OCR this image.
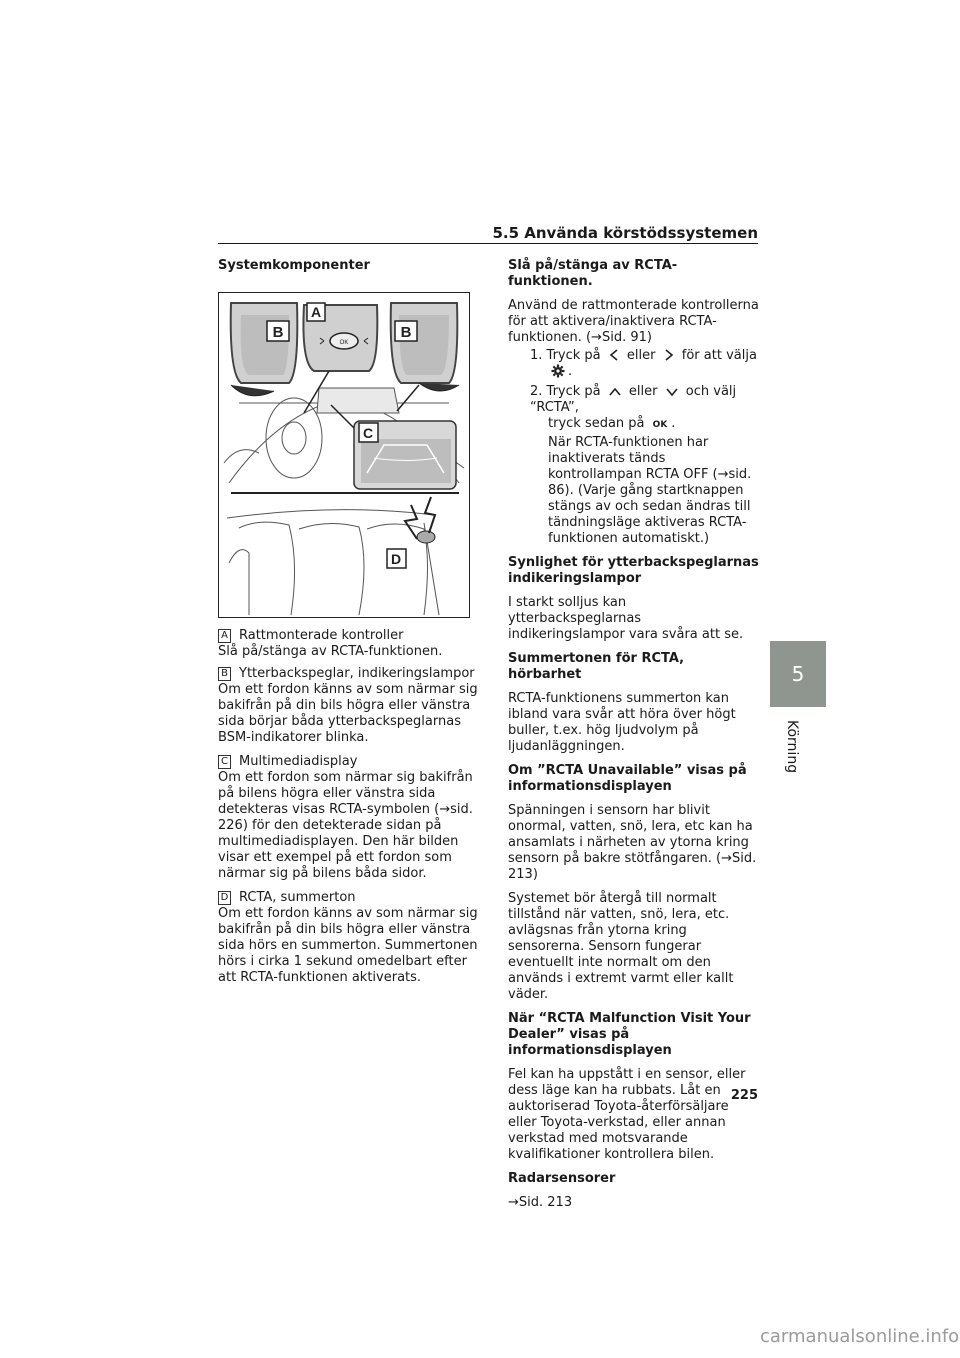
5.5 Använda körstödssystemen
5
Körning
Systemkomponenter
B
A
OK
B
C
D
A Rattmonterade kontroller
Slå på/stänga av RCTA-funktionen.
B Ytterbackspeglar, indikeringslampor
Om ett fordon känns av som närmar sig bakifrån på din bils högra eller vänstra sida börjar båda ytterbackspeglarnas BSM-indikatorer blinka.
C Multimediadisplay
Om ett fordon som närmar sig bakifrån på bilens högra eller vänstra sida detekteras visas RCTA-symbolen (→sid. 226) för den detekterade sidan på multimediadisplayen. Den här bilden visar ett exempel på ett fordon som närmar sig på bilens båda sidor.
D RCTA, summerton
Om ett fordon känns av som närmar sig bakifrån på din bils högra eller vänstra sida hörs en summerton. Summertonen hörs i cirka 1 sekund omedelbart efter att RCTA-funktionen aktiverats.

Slå på/stänga av RCTA-funktionen.

Använd de rattmonterade kontrollerna för att aktivera/inaktivera RCTA-funktionen. (→Sid. 91)

1. Tryck på eller för att välja
.
2. Tryck på eller och välj “RCTA”,
tryck sedan på OK .

När RCTA-funktionen har inaktiverats tänds kontrollampan RCTA OFF (→sid. 86). (Varje gång startknappen stängs av och sedan ändras till tändningsläge aktiveras RCTA-funktionen automatiskt.)

Synlighet för ytterbackspeglarnas indikeringslampor

I starkt solljus kan ytterbackspeglarnas indikeringslampor vara svåra att se.

Summertonen för RCTA, hörbarhet

RCTA-funktionens summerton kan ibland vara svår att höra över högt buller, t.ex. hög ljudvolym på ljudanläggningen.

Om ”RCTA Unavailable” visas på informationsdisplayen

Spänningen i sensorn har blivit onormal, vatten, snö, lera, etc kan ha ansamlats i närheten av ytorna kring sensorn på bakre stötfångaren. (→Sid. 213)

Systemet bör återgå till normalt tillstånd när vatten, snö, lera, etc. avlägsnas från ytorna kring sensorerna. Sensorn fungerar eventuellt inte normalt om den används i extremt varmt eller kallt väder.

När “RCTA Malfunction Visit Your Dealer” visas på informationsdisplayen

Fel kan ha uppstått i en sensor, eller dess läge kan ha rubbats. Låt en auktoriserad Toyota-återförsäljare eller Toyota-verkstad, eller annan verkstad med motsvarande kvalifikationer kontrollera bilen.

Radarsensorer

→Sid. 213

225
carmanualsonline.info
